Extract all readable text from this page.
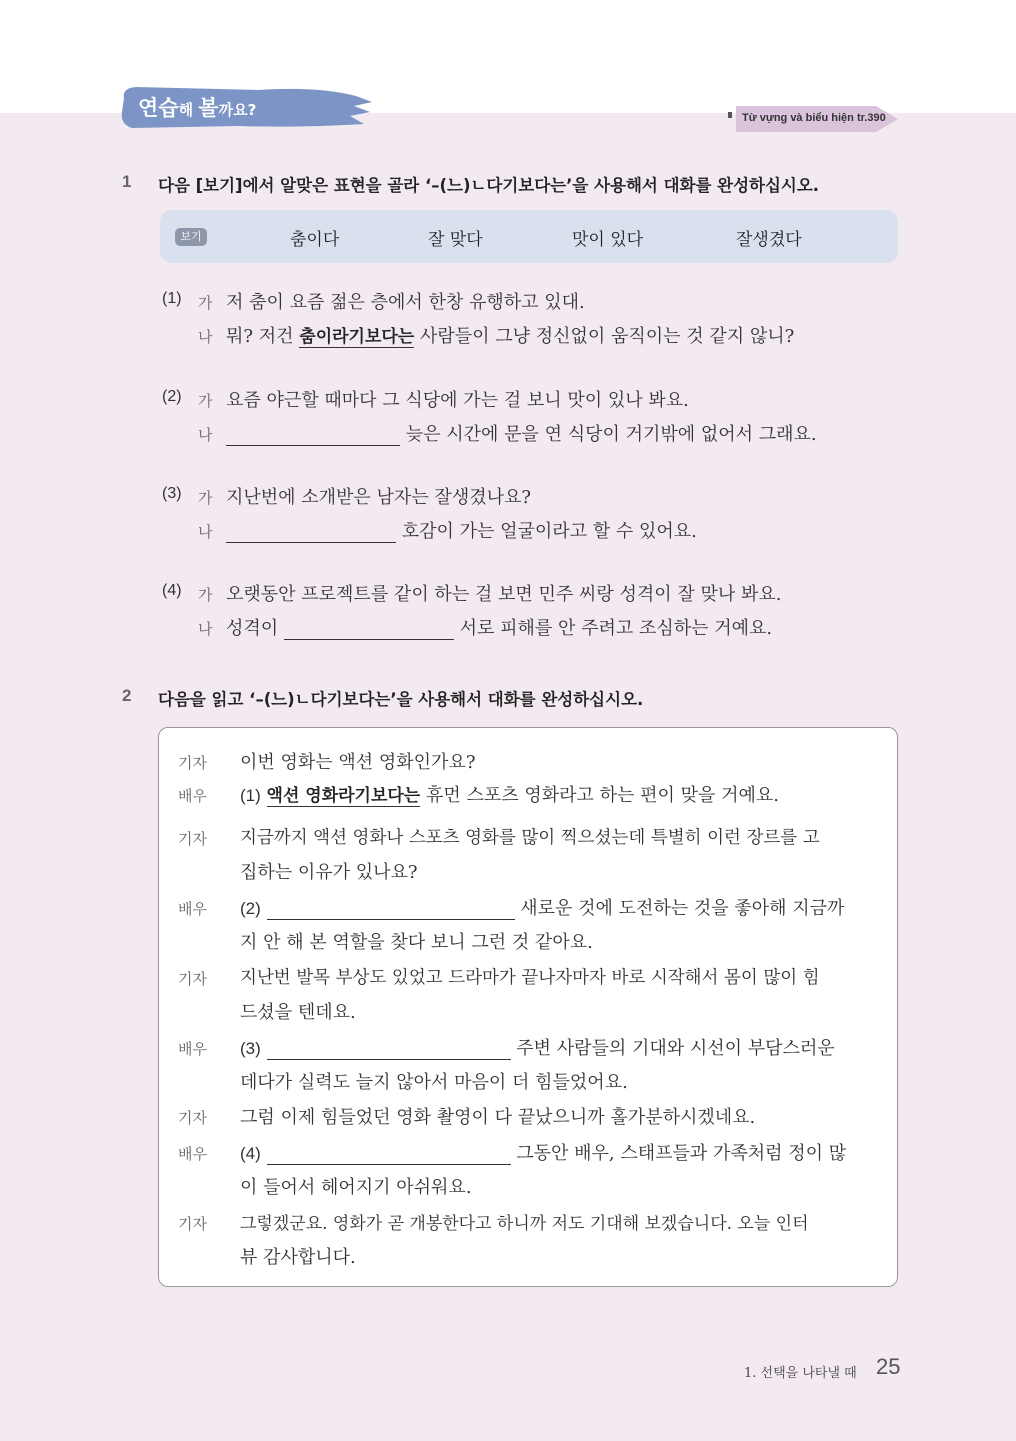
연습해 볼까요?	Từ vựng và biểu hiện tr.390
1 다음 [보기]에서 알맞은 표현을 골라 ‘–(느)ㄴ다기보다는’을 사용해서 대화를 완성하십시오.
보기	춤이다	잘 맞다	맛이 있다	잘생겼다
(1) 가 저 춤이 요즘 젊은 층에서 한창 유행하고 있대.
나 뭐? 저건 춤이라기보다는 사람들이 그냥 정신없이 움직이는 것 같지 않니?
(2) 가 요즘 야근할 때마다 그 식당에 가는 걸 보니 맛이 있나 봐요.
나	늦은 시간에 문을 연 식당이 거기밖에 없어서 그래요.
(3) 가 지난번에 소개받은 남자는 잘생겼나요?
나	호감이 가는 얼굴이라고 할 수 있어요.
(4) 가 오랫동안 프로젝트를 같이 하는 걸 보면 민주 씨랑 성격이 잘 맞나 봐요.
나 성격이	서로 피해를 안 주려고 조심하는 거예요.
2 다음을 읽고 ‘–(느)ㄴ다기보다는’을 사용해서 대화를 완성하십시오.
기자 이번 영화는 액션 영화인가요?
배우 (1) 액션 영화라기보다는 휴먼 스포츠 영화라고 하는 편이 맞을 거예요.
기자 지금까지 액션 영화나 스포츠 영화를 많이 찍으셨는데 특별히 이런 장르를 고
집하는 이유가 있나요?
배우 (2)	새로운 것에 도전하는 것을 좋아해 지금까
지 안 해 본 역할을 찾다 보니 그런 것 같아요.
기자 지난번 발목 부상도 있었고 드라마가 끝나자마자 바로 시작해서 몸이 많이 힘
드셨을 텐데요.
배우 (3)	주변 사람들의 기대와 시선이 부담스러운
데다가 실력도 늘지 않아서 마음이 더 힘들었어요.
기자 그럼 이제 힘들었던 영화 촬영이 다 끝났으니까 홀가분하시겠네요.
배우 (4)	그동안 배우, 스태프들과 가족처럼 정이 많
이 들어서 헤어지기 아쉬워요.
기자 그렇겠군요. 영화가 곧 개봉한다고 하니까 저도 기대해 보겠습니다. 오늘 인터
뷰 감사합니다.
1. 선택을 나타낼 때 25
